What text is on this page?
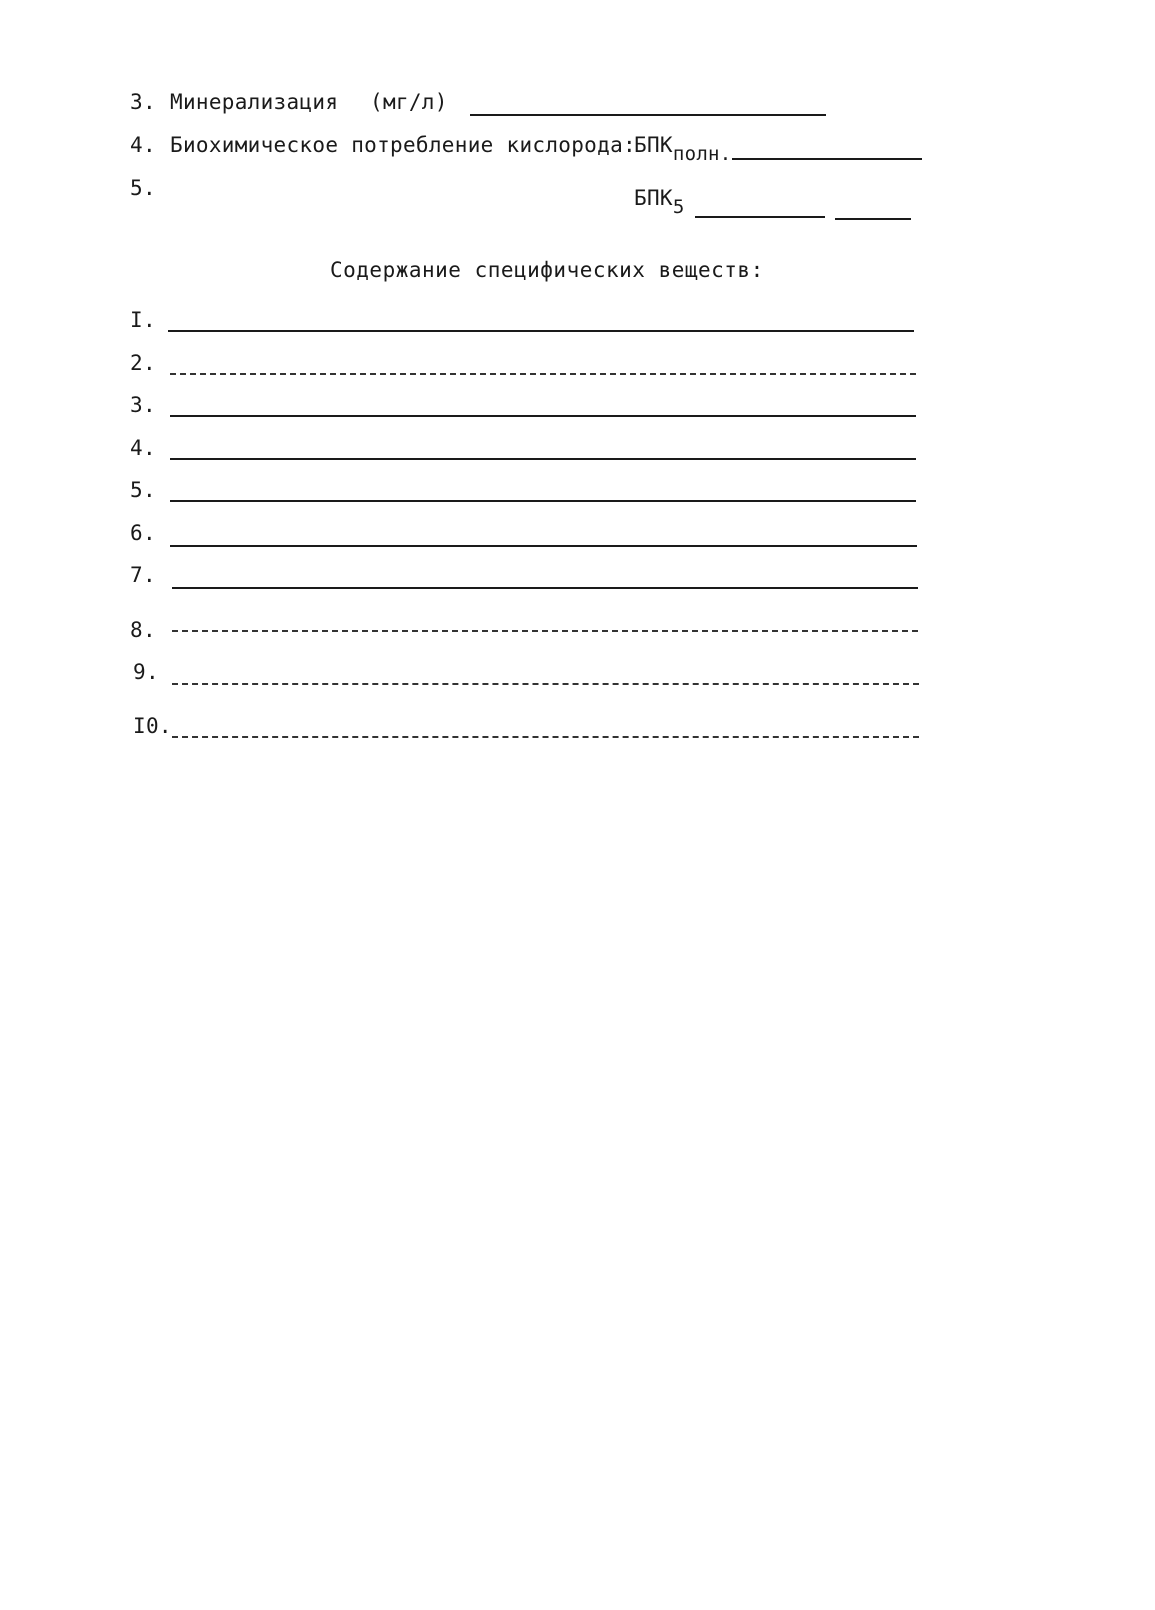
3. Минерализация (мг/л)
4. Биохимическое потребление кислорода:
БПКполн.
5.	БПК5
Содержание специфических веществ:
I.
2.
3.
4.
5.
6.
7.
8.
9.
I0.
